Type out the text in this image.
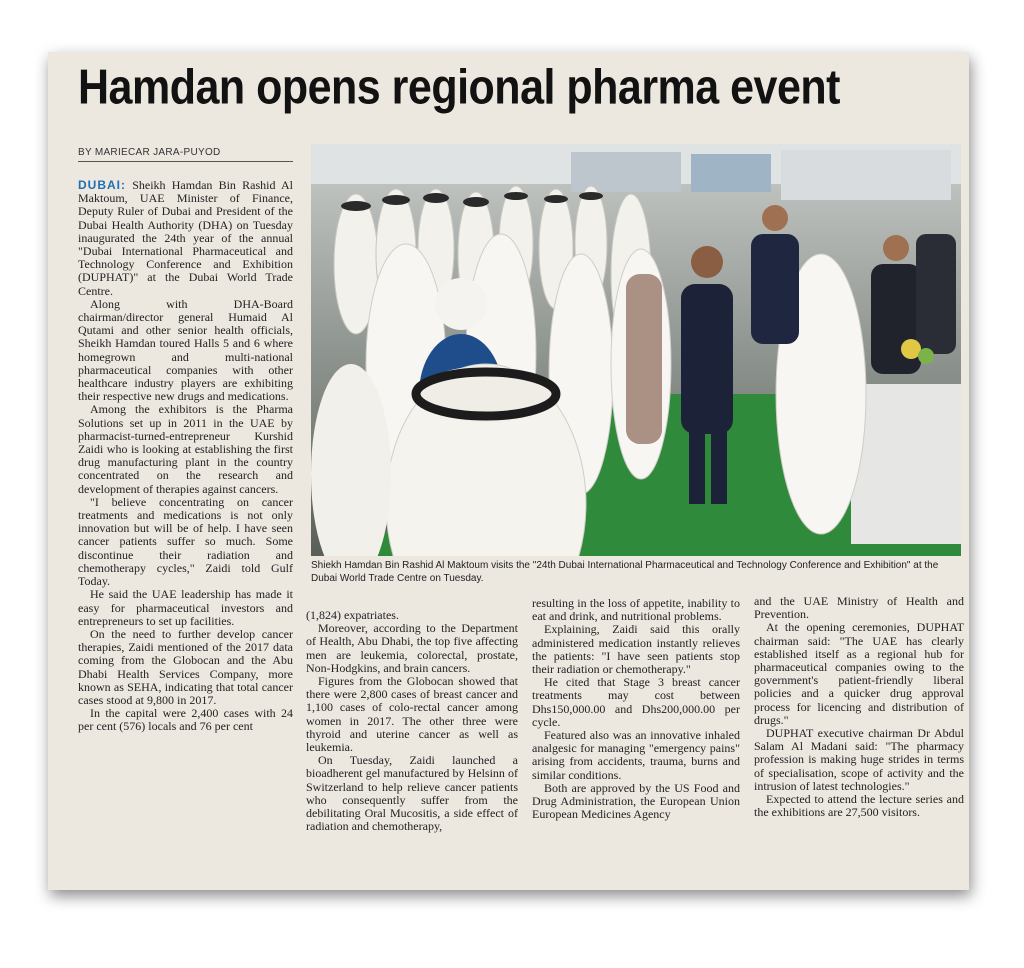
Hamdan opens regional pharma event
BY MARIECAR JARA-PUYOD

DUBAI: Sheikh Hamdan Bin Rashid Al Maktoum, UAE Minister of Finance, Deputy Ruler of Dubai and President of the Dubai Health Authority (DHA) on Tuesday inaugurated the 24th year of the annual "Dubai International Pharmaceutical and Technology Conference and Exhibition (DUPHAT)" at the Dubai World Trade Centre.

Along with DHA-Board chairman/director general Humaid Al Qutami and other senior health officials, Sheikh Hamdan toured Halls 5 and 6 where homegrown and multi-national pharmaceutical companies with other healthcare industry players are exhibiting their respective new drugs and medications.

Among the exhibitors is the Pharma Solutions set up in 2011 in the UAE by pharmacist-turned-entrepreneur Kurshid Zaidi who is looking at establishing the first drug manufacturing plant in the country concentrated on the research and development of therapies against cancers.

"I believe concentrating on cancer treatments and medications is not only innovation but will be of help. I have seen cancer patients suffer so much. Some discontinue their radiation and chemotherapy cycles," Zaidi told Gulf Today.

He said the UAE leadership has made it easy for pharmaceutical investors and entrepreneurs to set up facilities.

On the need to further develop cancer therapies, Zaidi mentioned of the 2017 data coming from the Globocan and the Abu Dhabi Health Services Company, more known as SEHA, indicating that total cancer cases stood at 9,800 in 2017.

In the capital were 2,400 cases with 24 per cent (576) locals and 76 per cent

Shiekh Hamdan Bin Rashid Al Maktoum visits the "24th Dubai International Pharmaceutical and Technology Conference and Exhibition" at the Dubai World Trade Centre on Tuesday.

(1,824) expatriates.

Moreover, according to the Department of Health, Abu Dhabi, the top five affecting men are leukemia, colorectal, prostate, Non-Hodgkins, and brain cancers.

Figures from the Globocan showed that there were 2,800 cases of breast cancer and 1,100 cases of colo-rectal cancer among women in 2017. The other three were thyroid and uterine cancer as well as leukemia.

On Tuesday, Zaidi launched a bioadherent gel manufactured by Helsinn of Switzerland to help relieve cancer patients who consequently suffer from the debilitating Oral Mucositis, a side effect of radiation and chemotherapy,

resulting in the loss of appetite, inability to eat and drink, and nutritional problems.

Explaining, Zaidi said this orally administered medication instantly relieves the patients: "I have seen patients stop their radiation or chemotherapy."

He cited that Stage 3 breast cancer treatments may cost between Dhs150,000.00 and Dhs200,000.00 per cycle.

Featured also was an innovative inhaled analgesic for managing "emergency pains" arising from accidents, trauma, burns and similar conditions.

Both are approved by the US Food and Drug Administration, the European Union European Medicines Agency

and the UAE Ministry of Health and Prevention.

At the opening ceremonies, DUPHAT chairman said: "The UAE has clearly established itself as a regional hub for pharmaceutical companies owing to the government's patient-friendly liberal policies and a quicker drug approval process for licencing and distribution of drugs."

DUPHAT executive chairman Dr Abdul Salam Al Madani said: "The pharmacy profession is making huge strides in terms of specialisation, scope of activity and the intrusion of latest technologies."

Expected to attend the lecture series and the exhibitions are 27,500 visitors.
